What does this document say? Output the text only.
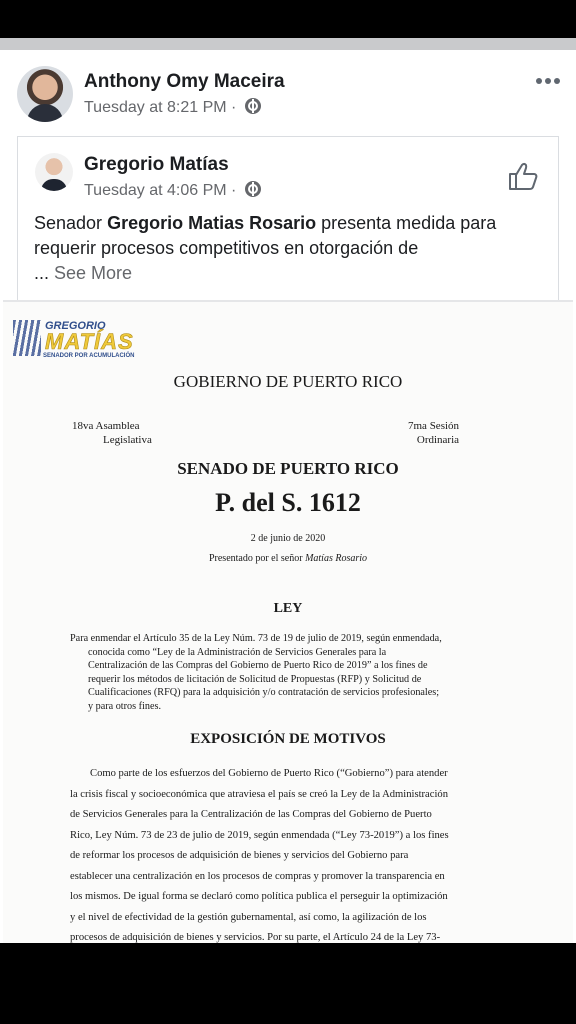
Anthony Omy Maceira
Tuesday at 8:21 PM ·
Gregorio Matías
Tuesday at 4:06 PM ·
Senador Gregorio Matias Rosario presenta medida para requerir procesos competitivos en otorgación de
... See More
GREGORIO
MATÍAS
SENADOR POR ACUMULACIÓN
GOBIERNO DE PUERTO RICO
18va Asamblea
Legislativa
7ma Sesión
Ordinaria
SENADO DE PUERTO RICO
P. del S. 1612
2 de junio de 2020
Presentado por el señor Matías Rosario
LEY
Para enmendar el Artículo 35 de la Ley Núm. 73 de 19 de julio de 2019, según enmendada,
conocida como “Ley de la Administración de Servicios Generales para la
Centralización de las Compras del Gobierno de Puerto Rico de 2019” a los fines de
requerir los métodos de licitación de Solicitud de Propuestas (RFP) y Solicitud de
Cualificaciones (RFQ) para la adquisición y/o contratación de servicios profesionales;
y para otros fines.
EXPOSICIÓN DE MOTIVOS
Como parte de los esfuerzos del Gobierno de Puerto Rico (“Gobierno”) para atender
la crisis fiscal y socioeconómica que atraviesa el país se creó la Ley de la Administración
de Servicios Generales para la Centralización de las Compras del Gobierno de Puerto
Rico, Ley Núm. 73 de 23 de julio de 2019, según enmendada (“Ley 73-2019”) a los fines
de reformar los procesos de adquisición de bienes y servicios del Gobierno para
establecer una centralización en los procesos de compras y promover la transparencia en
los mismos. De igual forma se declaró como política publica el perseguir la optimización
y el nivel de efectividad de la gestión gubernamental, así como, la agilización de los
procesos de adquisición de bienes y servicios. Por su parte, el Artículo 24 de la Ley 73-
